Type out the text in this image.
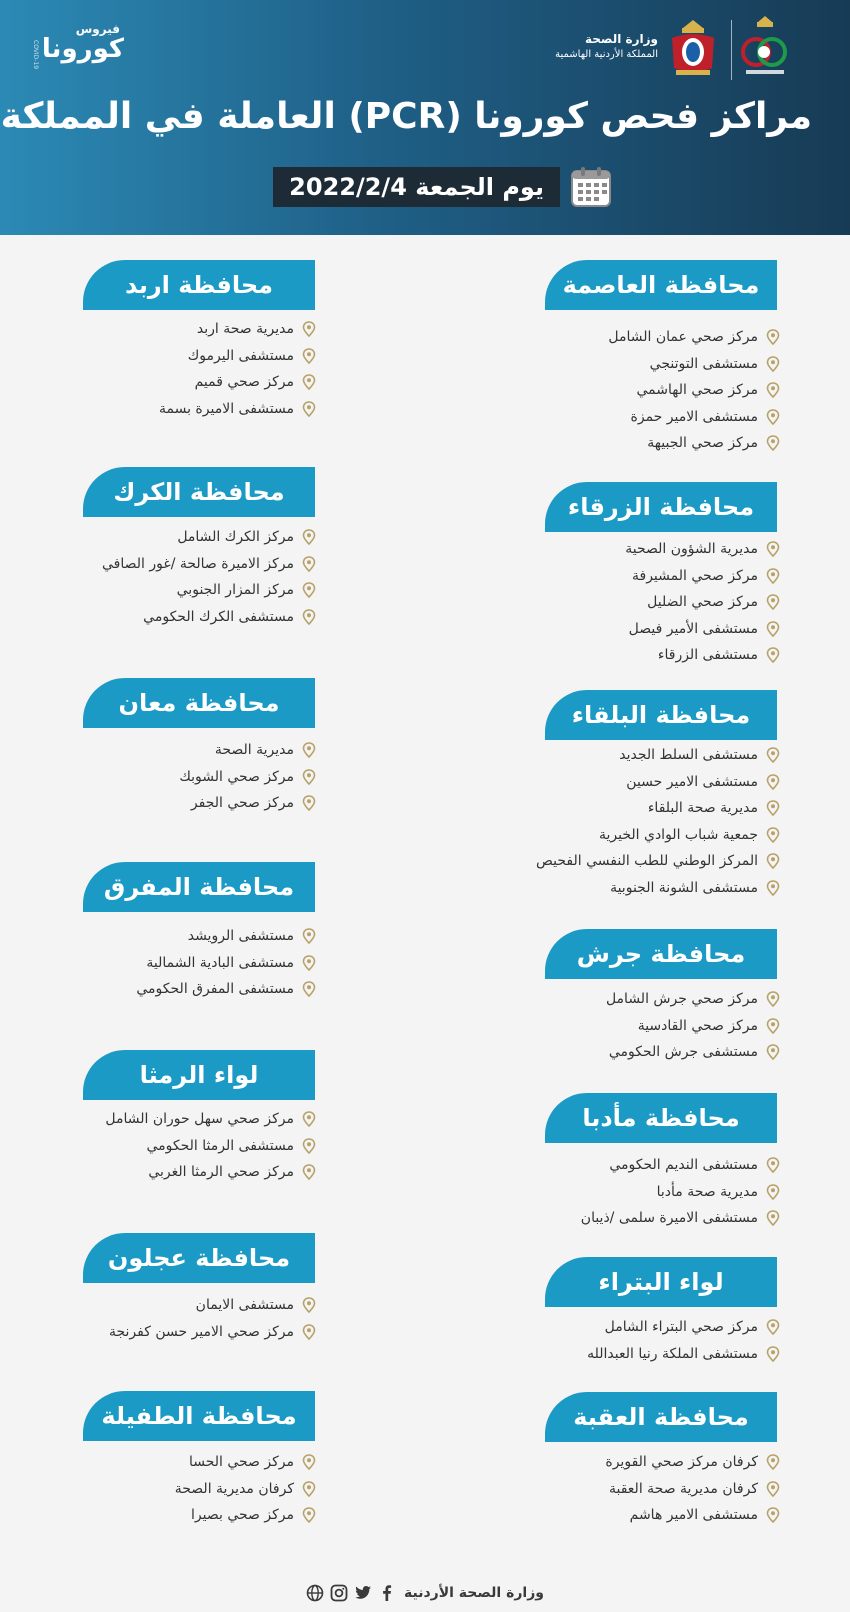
فيروس
كورونا
COVID-19
وزارة الصحة
المملكة الأردنية الهاشمية
مراكز فحص كورونا (PCR) العاملة في المملكة
يوم الجمعة 2022/2/4
محافظة العاصمة
مركز صحي عمان الشامل
مستشفى التوتنجي
مركز صحي الهاشمي
مستشفى الامير حمزة
مركز صحي الجبيهة
محافظة الزرقاء
مديرية الشؤون الصحية
مركز صحي المشيرفة
مركز صحي الضليل
مستشفى الأمير فيصل
مستشفى الزرقاء
محافظة البلقاء
مستشفى السلط الجديد
مستشفى الامير حسين
مديرية صحة البلقاء
جمعية شباب الوادي الخيرية
المركز الوطني للطب النفسي الفحيص
مستشفى الشونة الجنوبية
محافظة جرش
مركز صحي جرش الشامل
مركز صحي القادسية
مستشفى جرش الحكومي
محافظة مأدبا
مستشفى النديم الحكومي
مديرية صحة مأدبا
مستشفى الاميرة سلمى /ذيبان
لواء البتراء
مركز صحي البتراء الشامل
مستشفى الملكة رنيا العبدالله
محافظة العقبة
كرفان مركز صحي القويرة
كرفان مديرية صحة العقبة
مستشفى الامير هاشم
محافظة اربد
مديرية صحة اربد
مستشفى اليرموك
مركز صحي قميم
مستشفى الاميرة بسمة
محافظة الكرك
مركز الكرك الشامل
مركز الاميرة صالحة /غور الصافي
مركز المزار الجنوبي
مستشفى الكرك الحكومي
محافظة معان
مديرية الصحة
مركز صحي الشوبك
مركز صحي الجفر
محافظة المفرق
مستشفى الرويشد
مستشفى البادية الشمالية
مستشفى المفرق الحكومي
لواء الرمثا
مركز صحي سهل حوران الشامل
مستشفى الرمثا الحكومي
مركز صحي الرمثا الغربي
محافظة عجلون
مستشفى الايمان
مركز صحي الامير حسن كفرنجة
محافظة الطفيلة
مركز صحي الحسا
كرفان مديرية الصحة
مركز صحي بصيرا
وزارة الصحة الأردنية
